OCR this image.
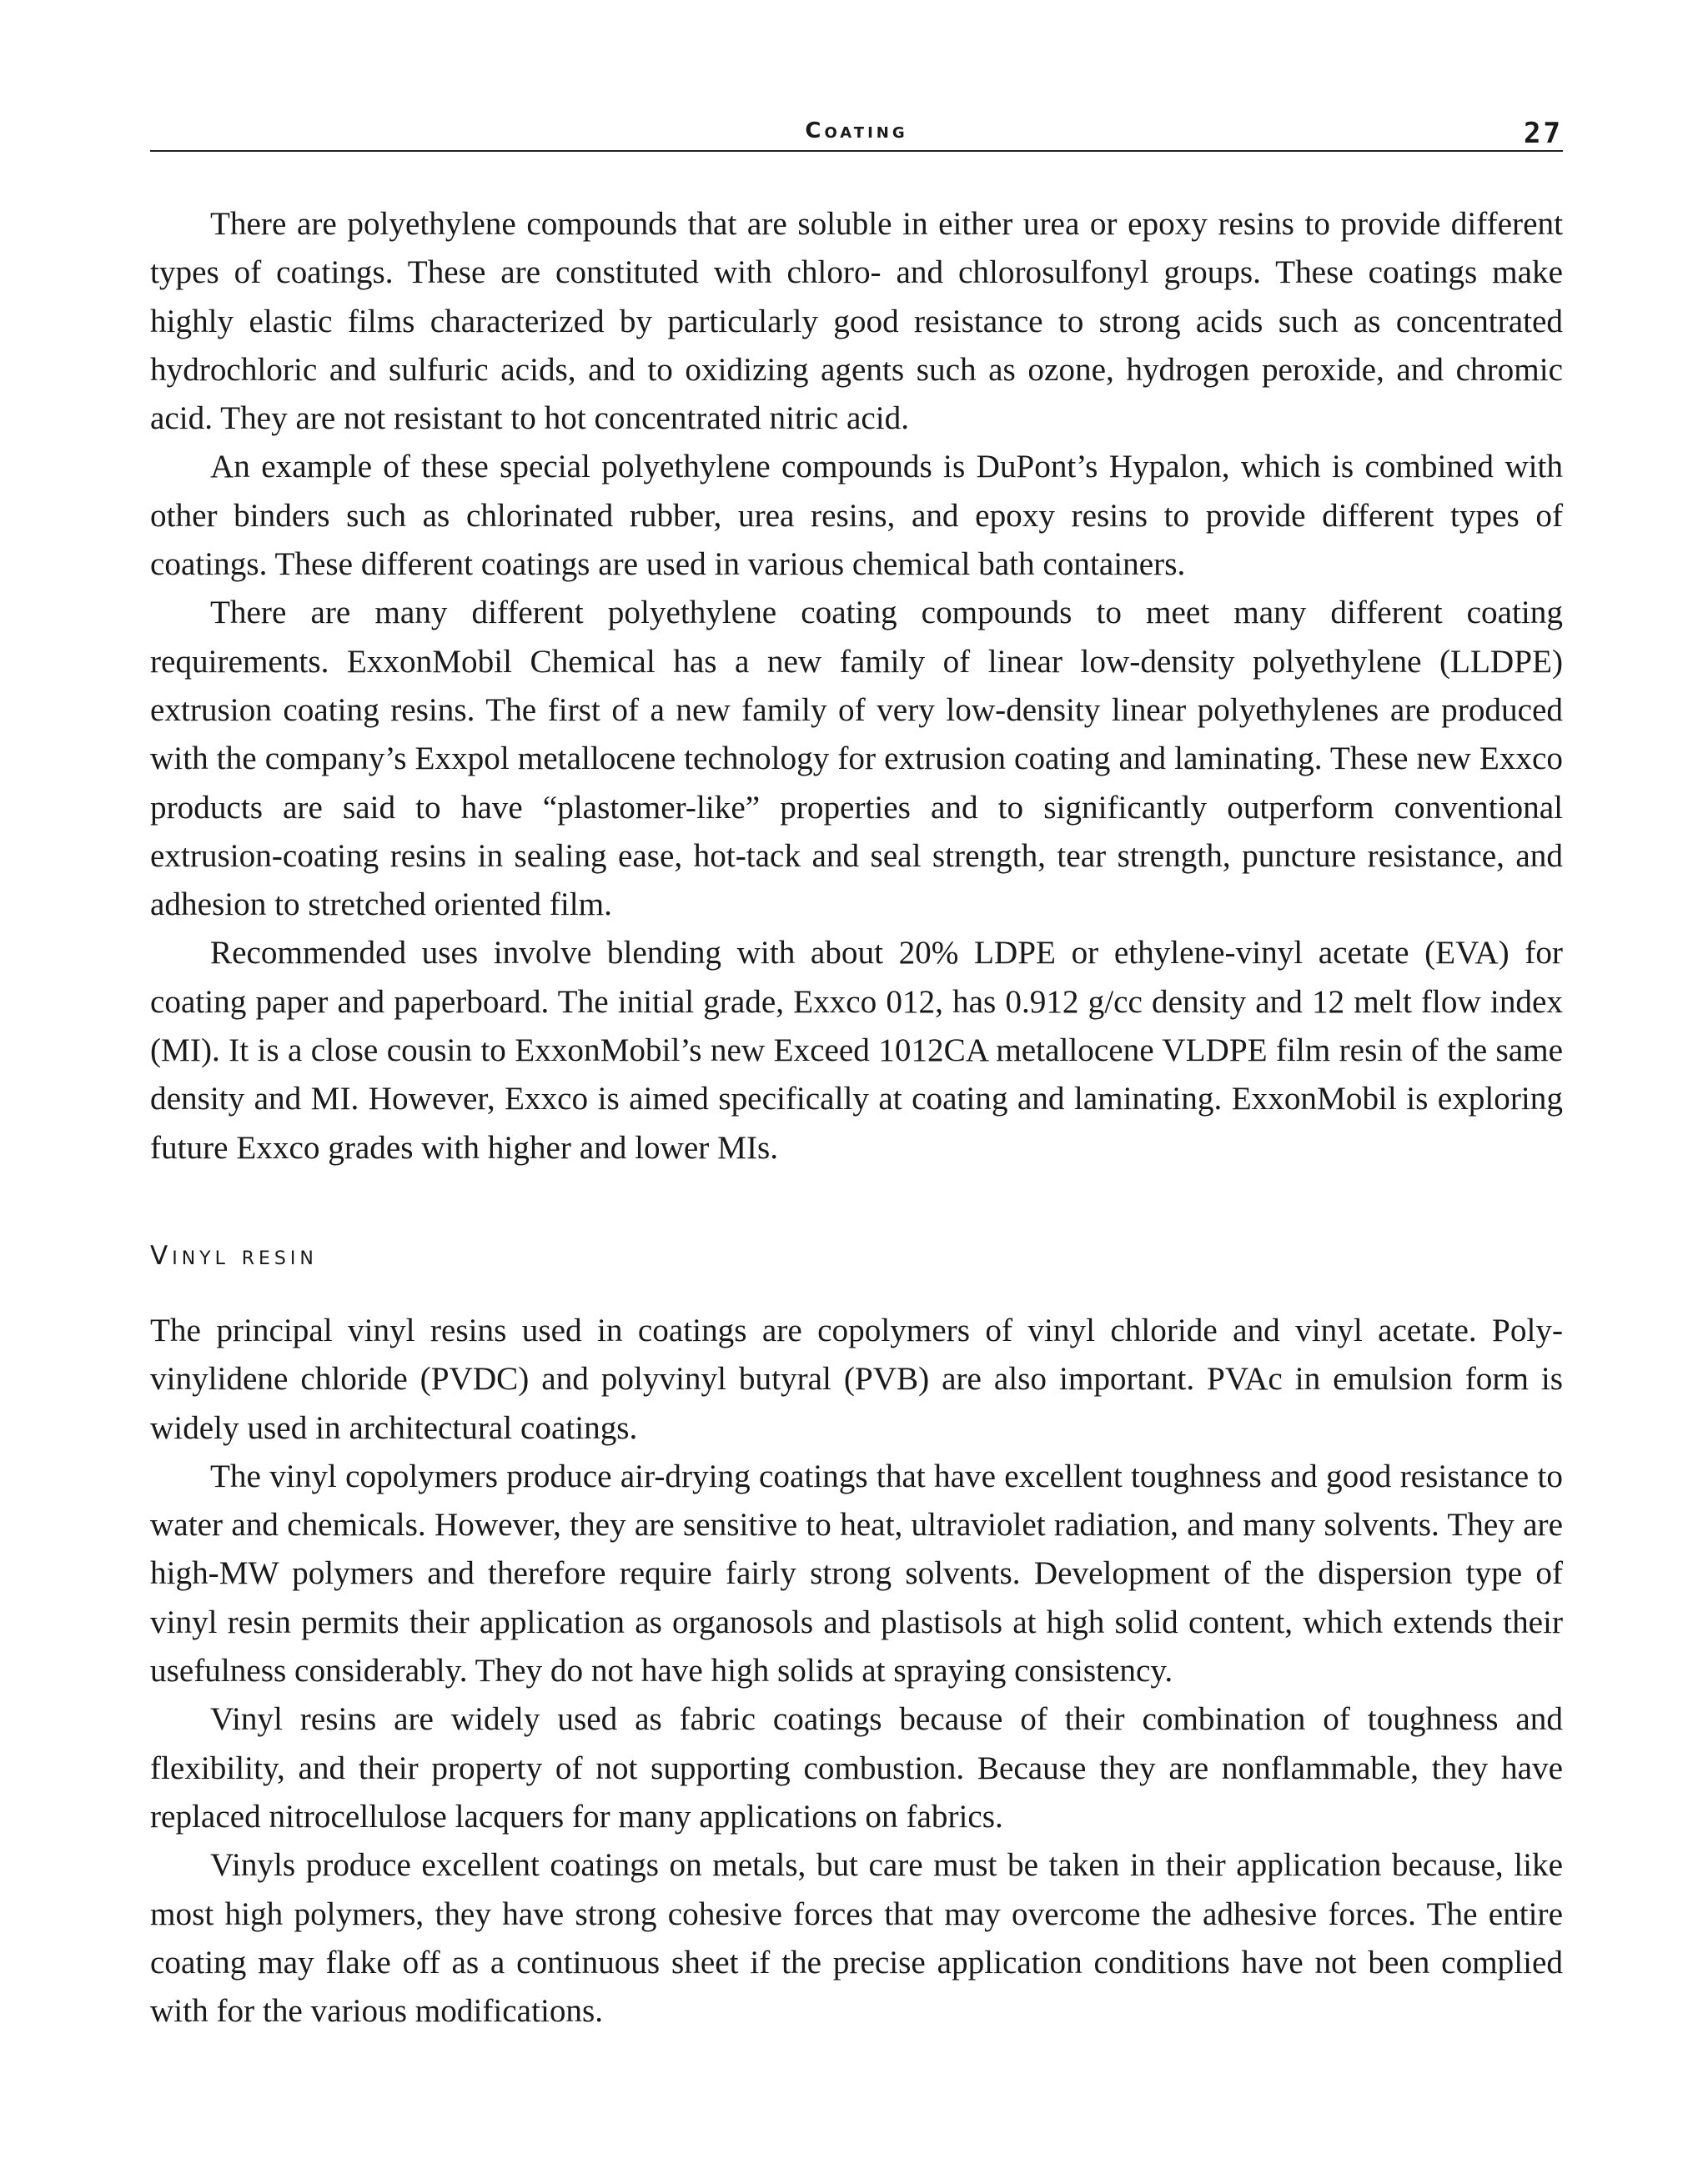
Coating	27

There are polyethylene compounds that are soluble in either urea or epoxy resins to provide different types of coatings. These are constituted with chloro- and chlorosulfonyl groups. These coatings make highly elastic films characterized by particularly good resistance to strong acids such as concentrated hydrochloric and sulfuric acids, and to oxidizing agents such as ozone, hydrogen peroxide, and chromic acid. They are not resistant to hot concentrated nitric acid.

An example of these special polyethylene compounds is DuPont’s Hypalon, which is combined with other binders such as chlorinated rubber, urea resins, and epoxy resins to provide different types of coatings. These different coatings are used in various chemical bath containers.

There are many different polyethylene coating compounds to meet many different coating requirements. ExxonMobil Chemical has a new family of linear low-density polyethylene (LLDPE) extrusion coating resins. The first of a new family of very low-density linear polyethylenes are produced with the company’s Exxpol metallocene technology for extrusion coating and laminating. These new Exxco products are said to have “plastomer-like” properties and to significantly outperform conventional extrusion-coating resins in sealing ease, hot-tack and seal strength, tear strength, puncture resistance, and adhesion to stretched oriented film.

Recommended uses involve blending with about 20% LDPE or ethylene-vinyl acetate (EVA) for coating paper and paperboard. The initial grade, Exxco 012, has 0.912 g/cc density and 12 melt flow index (MI). It is a close cousin to ExxonMobil’s new Exceed 1012CA metallocene VLDPE film resin of the same density and MI. However, Exxco is aimed specifically at coating and laminating. ExxonMobil is exploring future Exxco grades with higher and lower MIs.

Vinyl resin

The principal vinyl resins used in coatings are copolymers of vinyl chloride and vinyl acetate. Polyvinylidene chloride (PVDC) and polyvinyl butyral (PVB) are also important. PVAc in emulsion form is widely used in architectural coatings.

The vinyl copolymers produce air-drying coatings that have excellent toughness and good resistance to water and chemicals. However, they are sensitive to heat, ultraviolet radiation, and many solvents. They are high-MW polymers and therefore require fairly strong solvents. Development of the dispersion type of vinyl resin permits their application as organosols and plastisols at high solid content, which extends their usefulness considerably. They do not have high solids at spraying consistency.

Vinyl resins are widely used as fabric coatings because of their combination of toughness and flexibility, and their property of not supporting combustion. Because they are nonflammable, they have replaced nitrocellulose lacquers for many applications on fabrics.

Vinyls produce excellent coatings on metals, but care must be taken in their application because, like most high polymers, they have strong cohesive forces that may overcome the adhesive forces. The entire coating may flake off as a continuous sheet if the precise application conditions have not been complied with for the various modifications.
